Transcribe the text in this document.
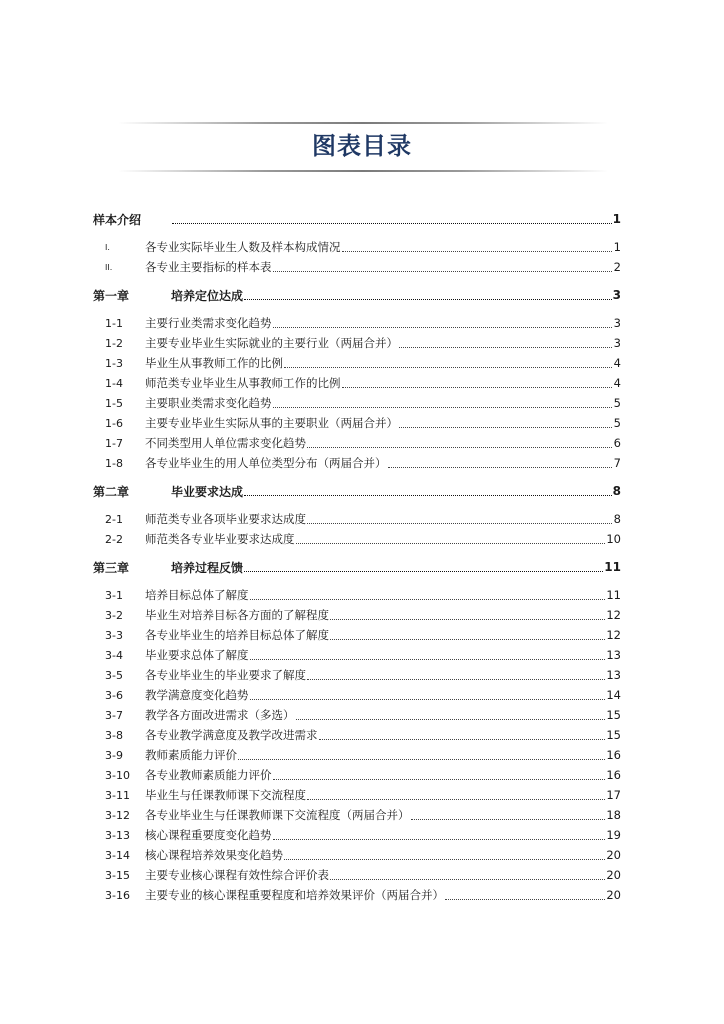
图表目录
样本介绍	1
I.	各专业实际毕业生人数及样本构成情况	1
II.	各专业主要指标的样本表	2
第一章	培养定位达成	3
1-1	主要行业类需求变化趋势	3
1-2	主要专业毕业生实际就业的主要行业（两届合并）	3
1-3	毕业生从事教师工作的比例	4
1-4	师范类专业毕业生从事教师工作的比例	4
1-5	主要职业类需求变化趋势	5
1-6	主要专业毕业生实际从事的主要职业（两届合并）	5
1-7	不同类型用人单位需求变化趋势	6
1-8	各专业毕业生的用人单位类型分布（两届合并）	7
第二章	毕业要求达成	8
2-1	师范类专业各项毕业要求达成度	8
2-2	师范类各专业毕业要求达成度	10
第三章	培养过程反馈	11
3-1	培养目标总体了解度	11
3-2	毕业生对培养目标各方面的了解程度	12
3-3	各专业毕业生的培养目标总体了解度	12
3-4	毕业要求总体了解度	13
3-5	各专业毕业生的毕业要求了解度	13
3-6	教学满意度变化趋势	14
3-7	教学各方面改进需求（多选）	15
3-8	各专业教学满意度及教学改进需求	15
3-9	教师素质能力评价	16
3-10	各专业教师素质能力评价	16
3-11	毕业生与任课教师课下交流程度	17
3-12	各专业毕业生与任课教师课下交流程度（两届合并）	18
3-13	核心课程重要度变化趋势	19
3-14	核心课程培养效果变化趋势	20
3-15	主要专业核心课程有效性综合评价表	20
3-16	主要专业的核心课程重要程度和培养效果评价（两届合并）	20
